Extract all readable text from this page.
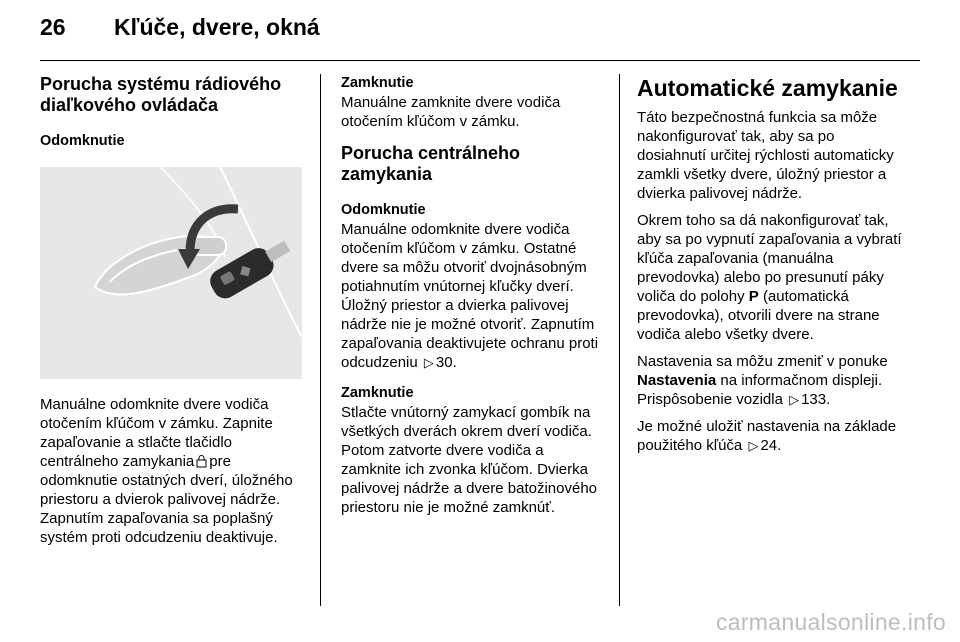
26 Kľúče, dvere, okná
Porucha systému rádiového diaľkového ovládača
Odomknutie

Manuálne odomknite dvere vodiča otočením kľúčom v zámku. Zapnite zapaľovanie a stlačte tlačidlo centrálneho zamykania pre odomknutie ostatných dverí, úložného priestoru a dvierok palivovej nádrže. Zapnutím zapaľovania sa poplašný systém proti odcudzeniu deaktivuje.

Zamknutie

Manuálne zamknite dvere vodiča otočením kľúčom v zámku.

Porucha centrálneho zamykania
Odomknutie

Manuálne odomknite dvere vodiča otočením kľúčom v zámku. Ostatné dvere sa môžu otvoriť dvojnásobným potiahnutím vnútornej kľučky dverí. Úložný priestor a dvierka palivovej nádrže nie je možné otvoriť. Zapnutím zapaľovania deaktivujete ochranu proti odcudzeniu ▷ 30.

Zamknutie

Stlačte vnútorný zamykací gombík na všetkých dverách okrem dverí vodiča. Potom zatvorte dvere vodiča a zamknite ich zvonka kľúčom. Dvierka palivovej nádrže a dvere batožinového priestoru nie je možné zamknúť.

Automatické zamykanie

Táto bezpečnostná funkcia sa môže nakonfigurovať tak, aby sa po dosiahnutí určitej rýchlosti automaticky zamkli všetky dvere, úložný priestor a dvierka palivovej nádrže.

Okrem toho sa dá nakonfigurovať tak, aby sa po vypnutí zapaľovania a vybratí kľúča zapaľovania (manuálna prevodovka) alebo po presunutí páky voliča do polohy P (automatická prevodovka), otvorili dvere na strane vodiča alebo všetky dvere.

Nastavenia sa môžu zmeniť v ponuke Nastavenia na informačnom displeji. Prispôsobenie vozidla ▷ 133.

Je možné uložiť nastavenia na základe použitého kľúča ▷ 24.

carmanualsonline.info
